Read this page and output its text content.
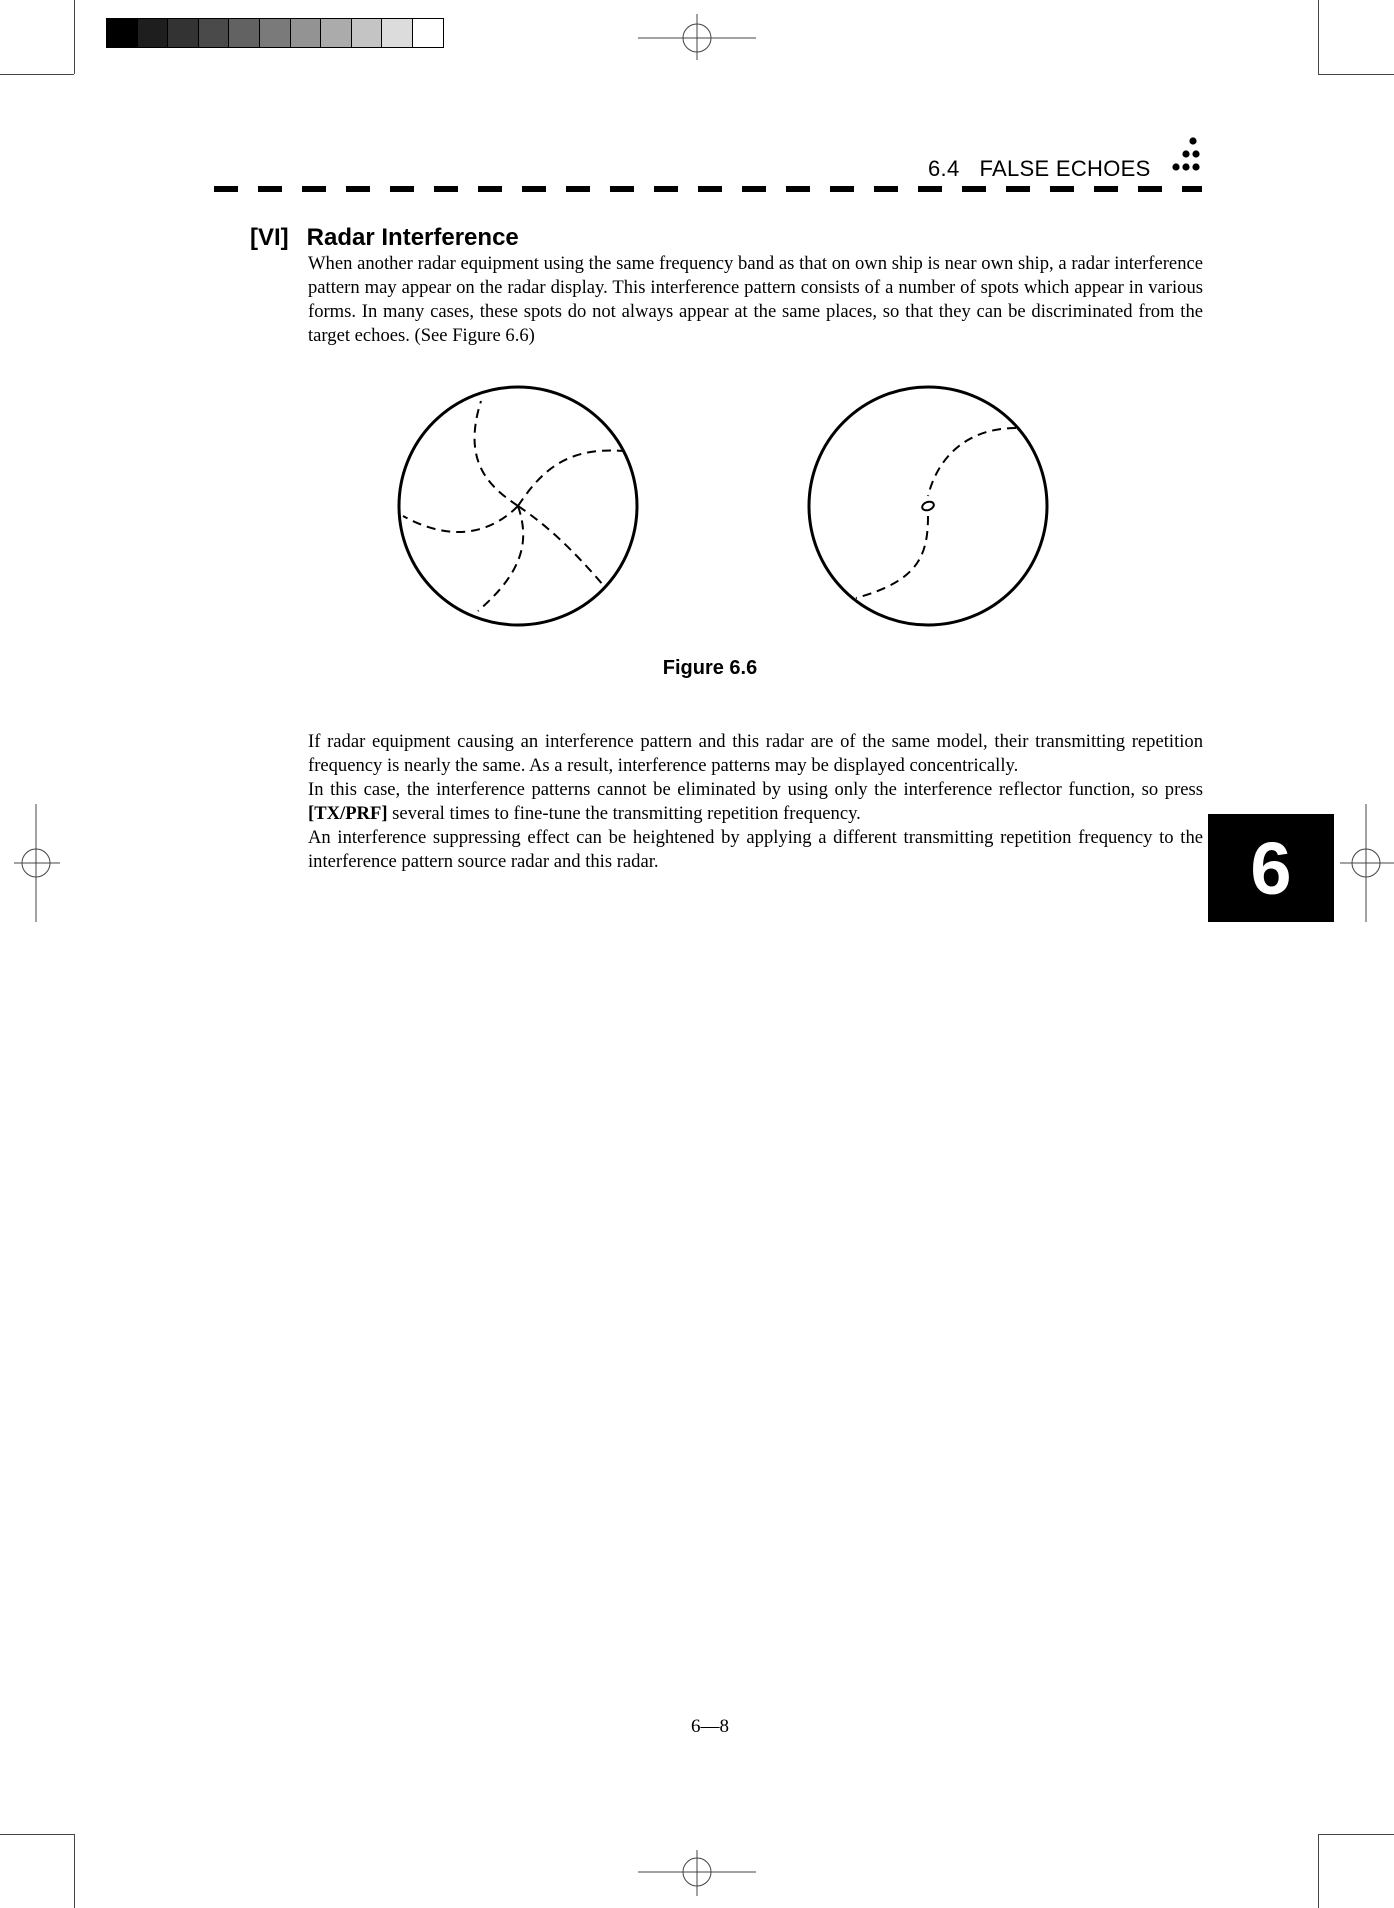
6.4 FALSE ECHOES
[VI] Radar Interference

When another radar equipment using the same frequency band as that on own ship is near own ship, a radar interference pattern may appear on the radar display. This interference pattern consists of a number of spots which appear in various forms. In many cases, these spots do not always appear at the same places, so that they can be discriminated from the target echoes. (See Figure 6.6)

Figure 6.6

If radar equipment causing an interference pattern and this radar are of the same model, their transmitting repetition frequency is nearly the same. As a result, interference patterns may be displayed concentrically.

In this case, the interference patterns cannot be eliminated by using only the interference reflector function, so press [TX/PRF] several times to fine-tune the transmitting repetition frequency.

An interference suppressing effect can be heightened by applying a different transmitting repetition frequency to the interference pattern source radar and this radar.	6
6—8
